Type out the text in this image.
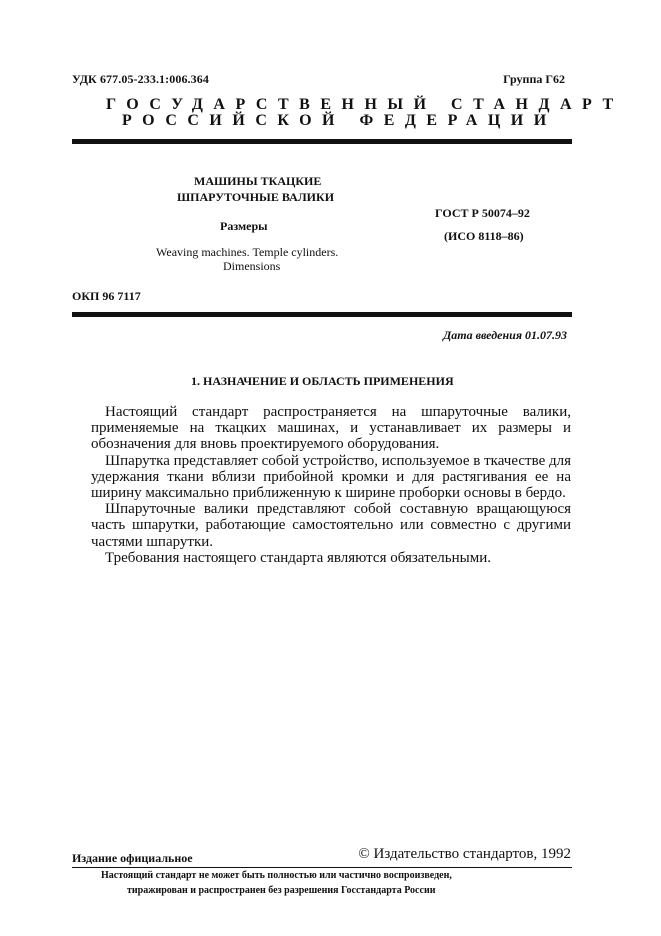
УДК 677.05-233.1:006.364	Группа Г62
ГОСУДАРСТВЕННЫЙ СТАНДАРТ
РОССИЙСКОЙ ФЕДЕРАЦИИ
МАШИНЫ ТКАЦКИЕ
ШПАРУТОЧНЫЕ ВАЛИКИ
Размеры
Weaving machines. Temple cylinders.
Dimensions
ГОСТ Р 50074–92
(ИСО 8118–86)
ОКП 96 7117
Дата введения 01.07.93
1. НАЗНАЧЕНИЕ И ОБЛАСТЬ ПРИМЕНЕНИЯ

Настоящий стандарт распространяется на шпаруточные валики, применяемые на ткацких машинах, и устанавливает их размеры и обозначения для вновь проектируемого оборудования.

Шпарутка представляет собой устройство, используемое в ткачестве для удержания ткани вблизи прибойной кромки и для растягивания ее на ширину максимально приближенную к ширине проборки основы в бердо.

Шпаруточные валики представляют собой составную вращающуюся часть шпарутки, работающие самостоятельно или совместно с другими частями шпарутки.

Требования настоящего стандарта являются обязательными.

Издание официальное	© Издательство стандартов, 1992
Настоящий стандарт не может быть полностью или частично воспроизведен,
тиражирован и распространен без разрешения Госстандарта России
